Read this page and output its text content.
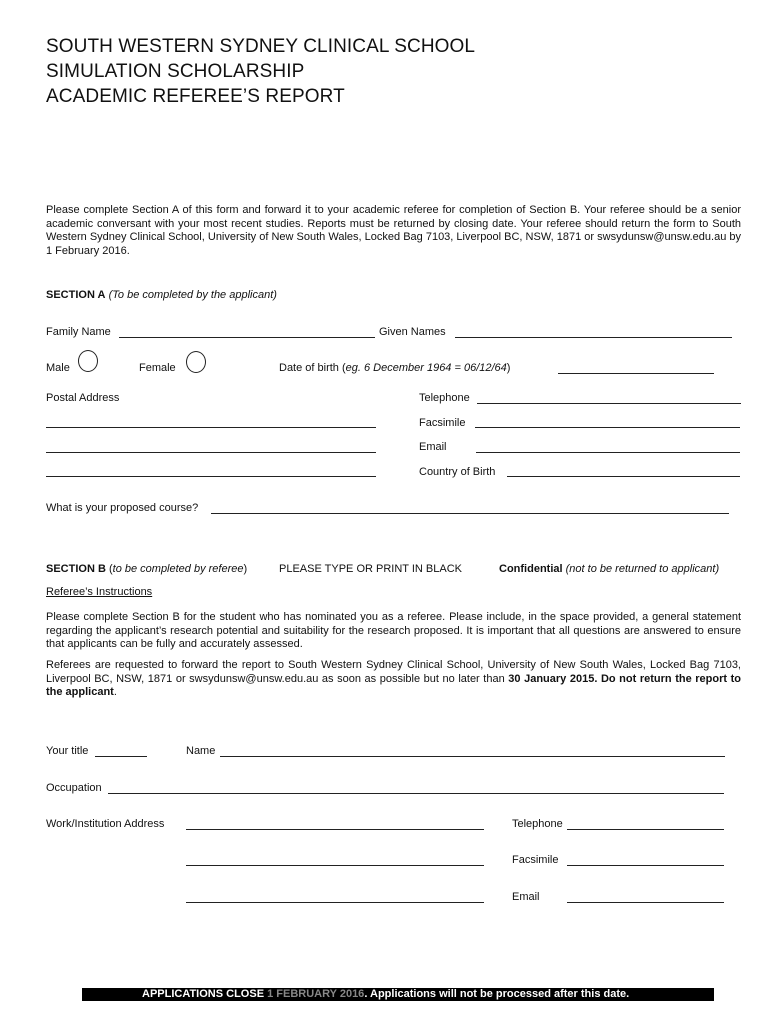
SOUTH WESTERN SYDNEY CLINICAL SCHOOL
SIMULATION SCHOLARSHIP
ACADEMIC REFEREE’S REPORT
Please complete Section A of this form and forward it to your academic referee for completion of Section B. Your referee should be a senior academic conversant with your most recent studies. Reports must be returned by closing date. Your referee should return the form to South Western Sydney Clinical School, University of New South Wales, Locked Bag 7103, Liverpool BC, NSW, 1871 or swsydunsw@unsw.edu.au by 1 February 2016.
SECTION A (To be completed by the applicant)
Family Name	Given Names
Male	Female	Date of birth (eg. 6 December 1964 = 06/12/64)
Postal Address	Telephone
Facsimile
Email
Country of Birth
What is your proposed course?
SECTION B (to be completed by referee)	PLEASE TYPE OR PRINT IN BLACK	Confidential (not to be returned to applicant)
Referee’s Instructions
Please complete Section B for the student who has nominated you as a referee. Please include, in the space provided, a general statement regarding the applicant’s research potential and suitability for the research proposed. It is important that all questions are answered to ensure that applicants can be fully and accurately assessed.
Referees are requested to forward the report to South Western Sydney Clinical School, University of New South Wales, Locked Bag 7103, Liverpool BC, NSW, 1871 or swsydunsw@unsw.edu.au as soon as possible but no later than 30 January 2015. Do not return the report to the applicant.
Your title	Name
Occupation
Work/Institution Address	Telephone
Facsimile
Email
APPLICATIONS CLOSE 1 FEBRUARY 2016. Applications will not be processed after this date.
